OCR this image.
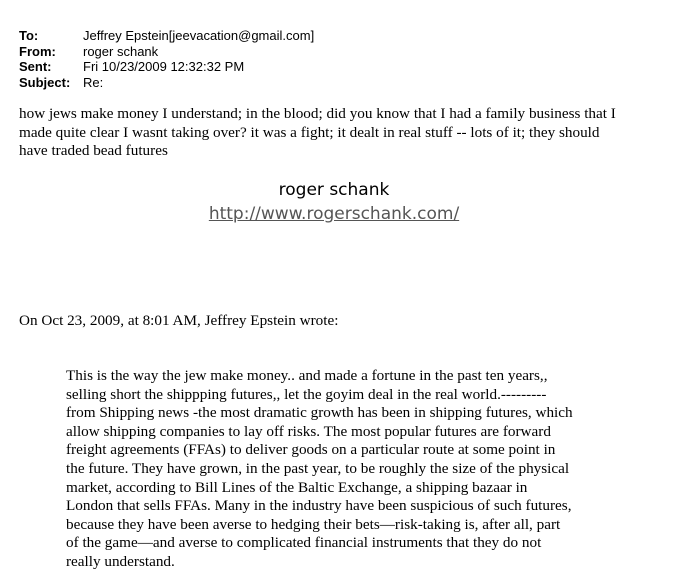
To:	Jeffrey Epstein[jeevacation@gmail.com]
From:	roger schank
Sent:	Fri 10/23/2009 12:32:32 PM
Subject: Re:
how jews make money I understand; in the blood; did you know that I had a family business that I
made quite clear I wasnt taking over? it was a fight; it dealt in real stuff -- lots of it; they should
have traded bead futures
roger schank
http://www.rogerschank.com/
On Oct 23, 2009, at 8:01 AM, Jeffrey Epstein wrote:
This is the way the jew make money.. and made a fortune in the past ten years,,
selling short the shippping futures,, let the goyim deal in the real world.---------
from Shipping news -the most dramatic growth has been in shipping futures, which
allow shipping companies to lay off risks. The most popular futures are forward
freight agreements (FFAs) to deliver goods on a particular route at some point in
the future. They have grown, in the past year, to be roughly the size of the physical
market, according to Bill Lines of the Baltic Exchange, a shipping bazaar in
London that sells FFAs. Many in the industry have been suspicious of such futures,
because they have been averse to hedging their bets—risk-taking is, after all, part
of the game—and averse to complicated financial instruments that they do not
really understand.
